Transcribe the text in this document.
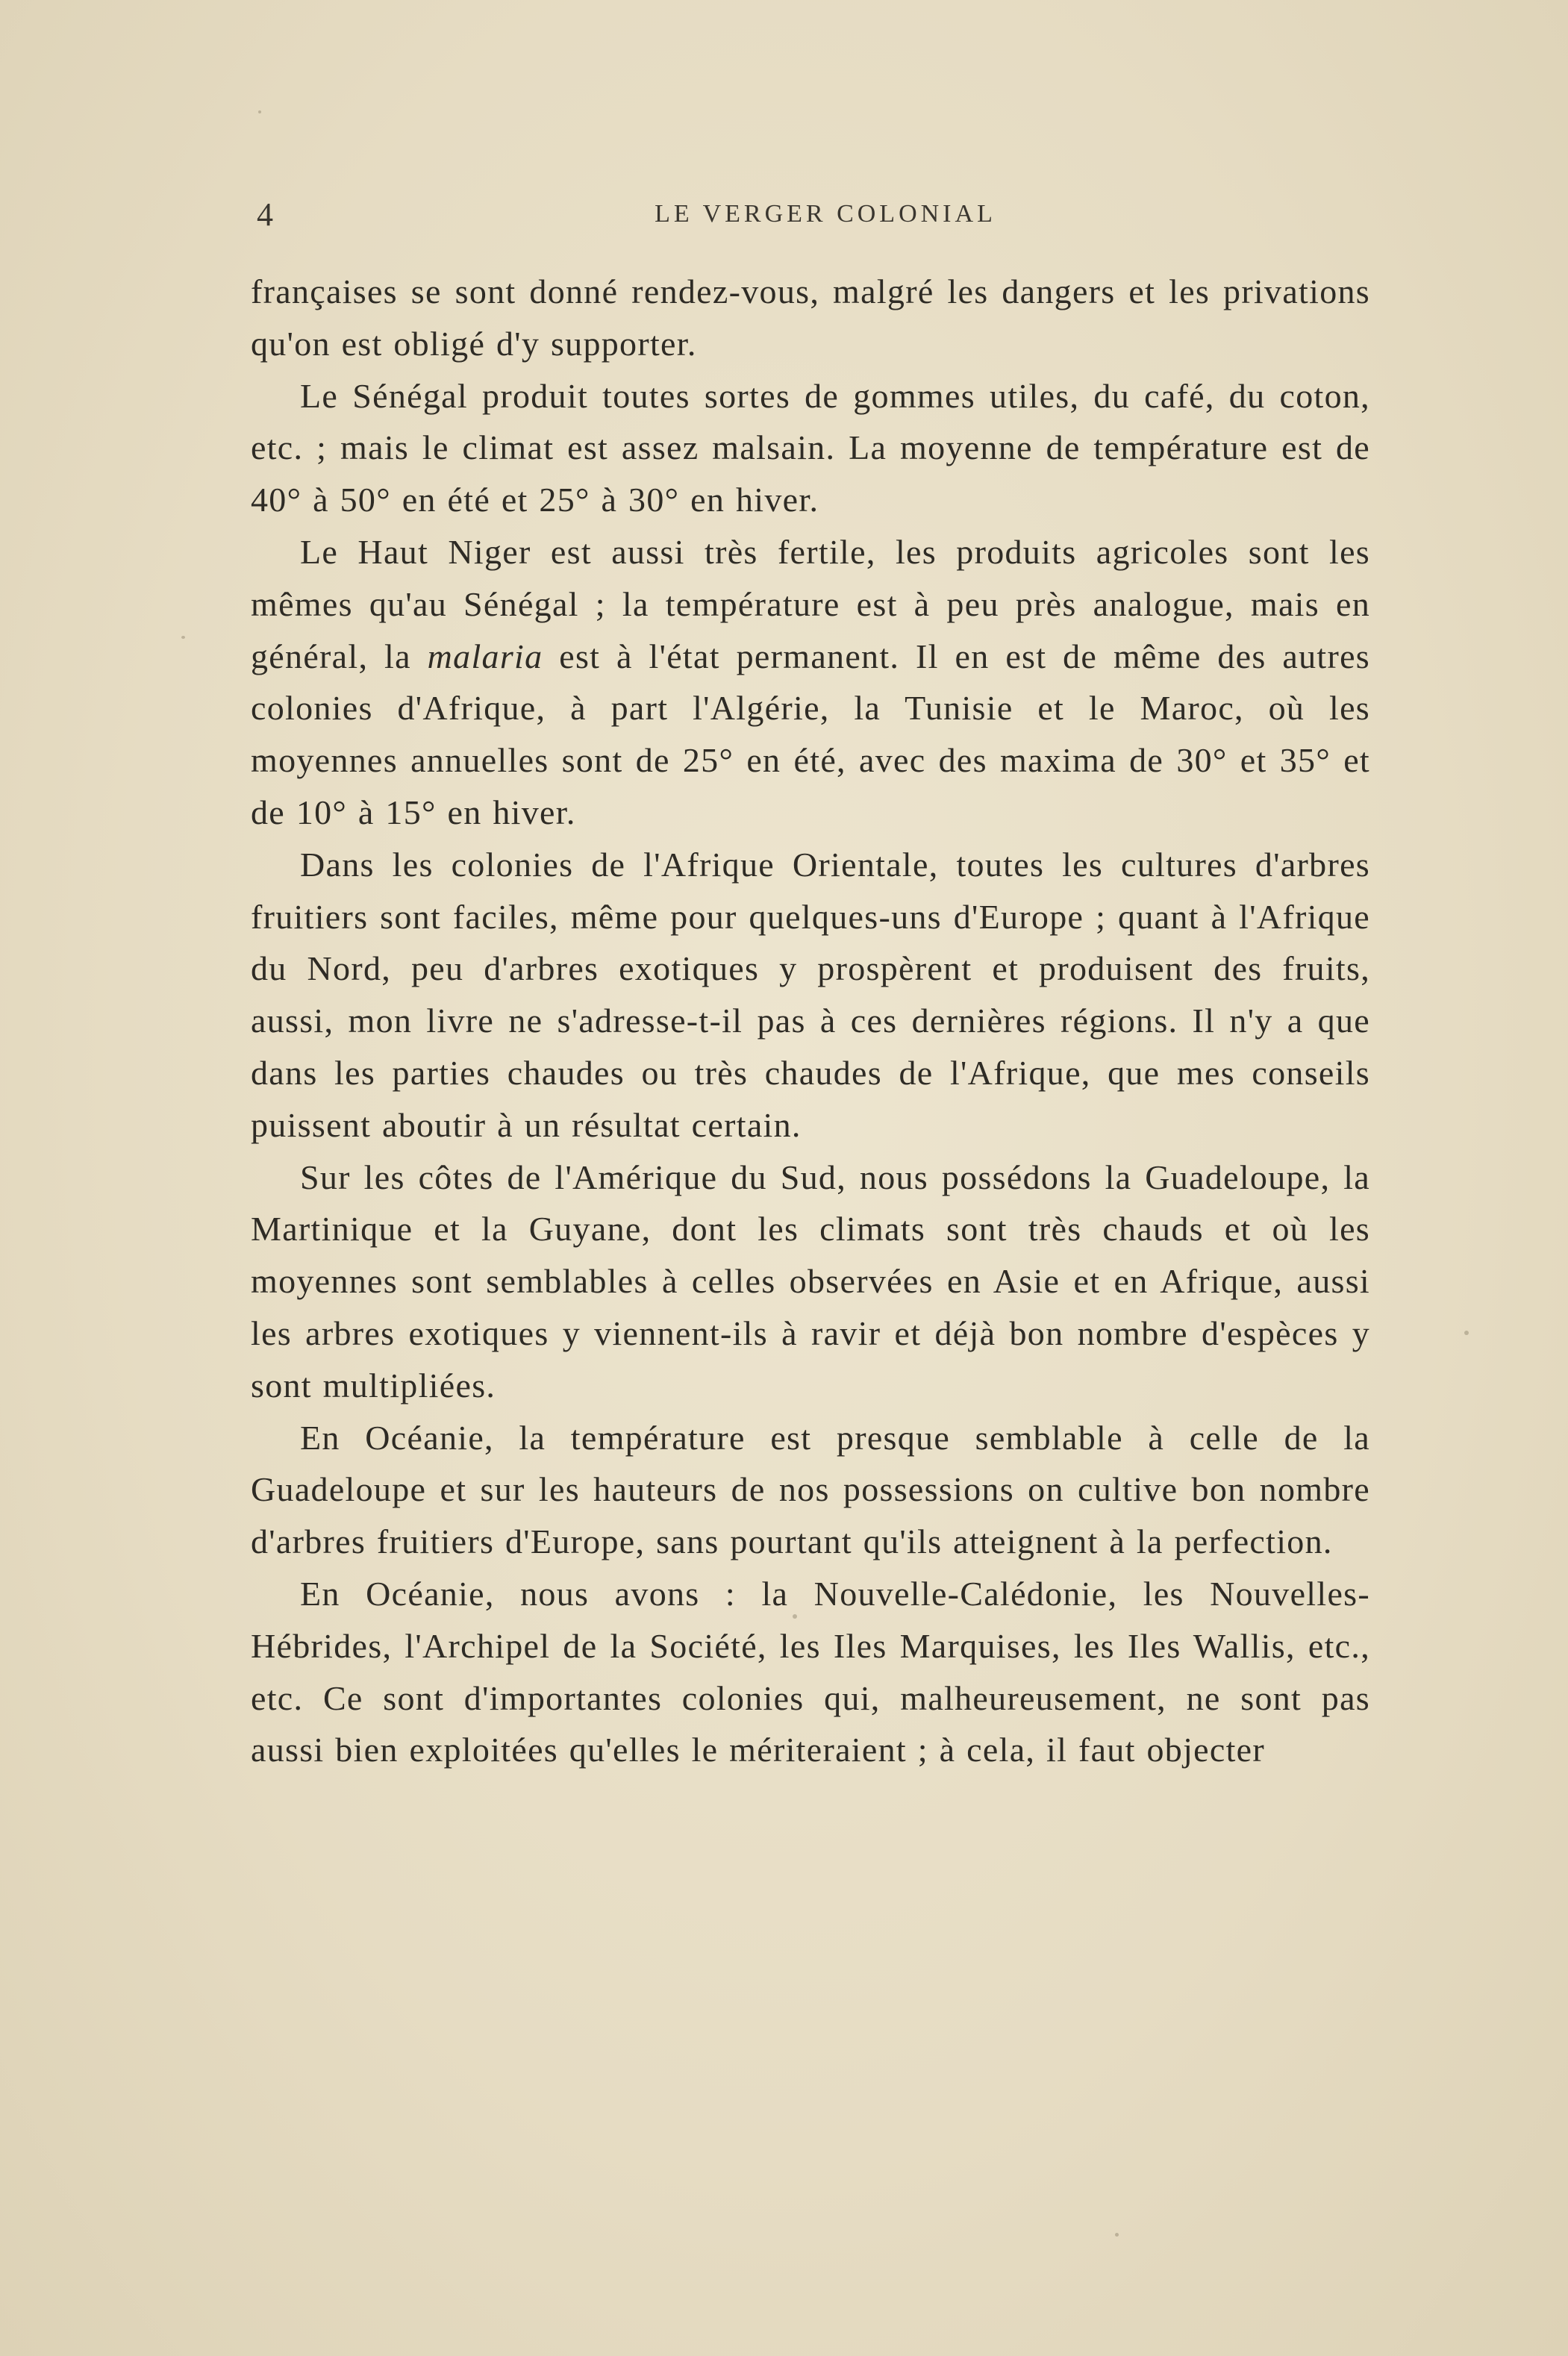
4	LE VERGER COLONIAL

françaises se sont donné rendez-vous, malgré les dangers et les privations qu'on est obligé d'y supporter.

Le Sénégal produit toutes sortes de gommes utiles, du café, du coton, etc. ; mais le climat est assez malsain. La moyenne de température est de 40° à 50° en été et 25° à 30° en hiver.

Le Haut Niger est aussi très fertile, les produits agricoles sont les mêmes qu'au Sénégal ; la température est à peu près analogue, mais en général, la malaria est à l'état permanent. Il en est de même des autres colonies d'Afrique, à part l'Algérie, la Tunisie et le Maroc, où les moyennes annuelles sont de 25° en été, avec des maxima de 30° et 35° et de 10° à 15° en hiver.

Dans les colonies de l'Afrique Orientale, toutes les cultures d'arbres fruitiers sont faciles, même pour quelques-uns d'Europe ; quant à l'Afrique du Nord, peu d'arbres exotiques y prospèrent et produisent des fruits, aussi, mon livre ne s'adresse-t-il pas à ces dernières régions. Il n'y a que dans les parties chaudes ou très chaudes de l'Afrique, que mes conseils puissent aboutir à un résultat certain.

Sur les côtes de l'Amérique du Sud, nous possédons la Guadeloupe, la Martinique et la Guyane, dont les climats sont très chauds et où les moyennes sont semblables à celles observées en Asie et en Afrique, aussi les arbres exotiques y viennent-ils à ravir et déjà bon nombre d'espèces y sont multipliées.

En Océanie, la température est presque semblable à celle de la Guadeloupe et sur les hauteurs de nos possessions on cultive bon nombre d'arbres fruitiers d'Europe, sans pourtant qu'ils atteignent à la perfection.

En Océanie, nous avons : la Nouvelle-Calédonie, les Nouvelles-Hébrides, l'Archipel de la Société, les Iles Marquises, les Iles Wallis, etc., etc. Ce sont d'importantes colonies qui, malheureusement, ne sont pas aussi bien exploitées qu'elles le mériteraient ; à cela, il faut objecter
